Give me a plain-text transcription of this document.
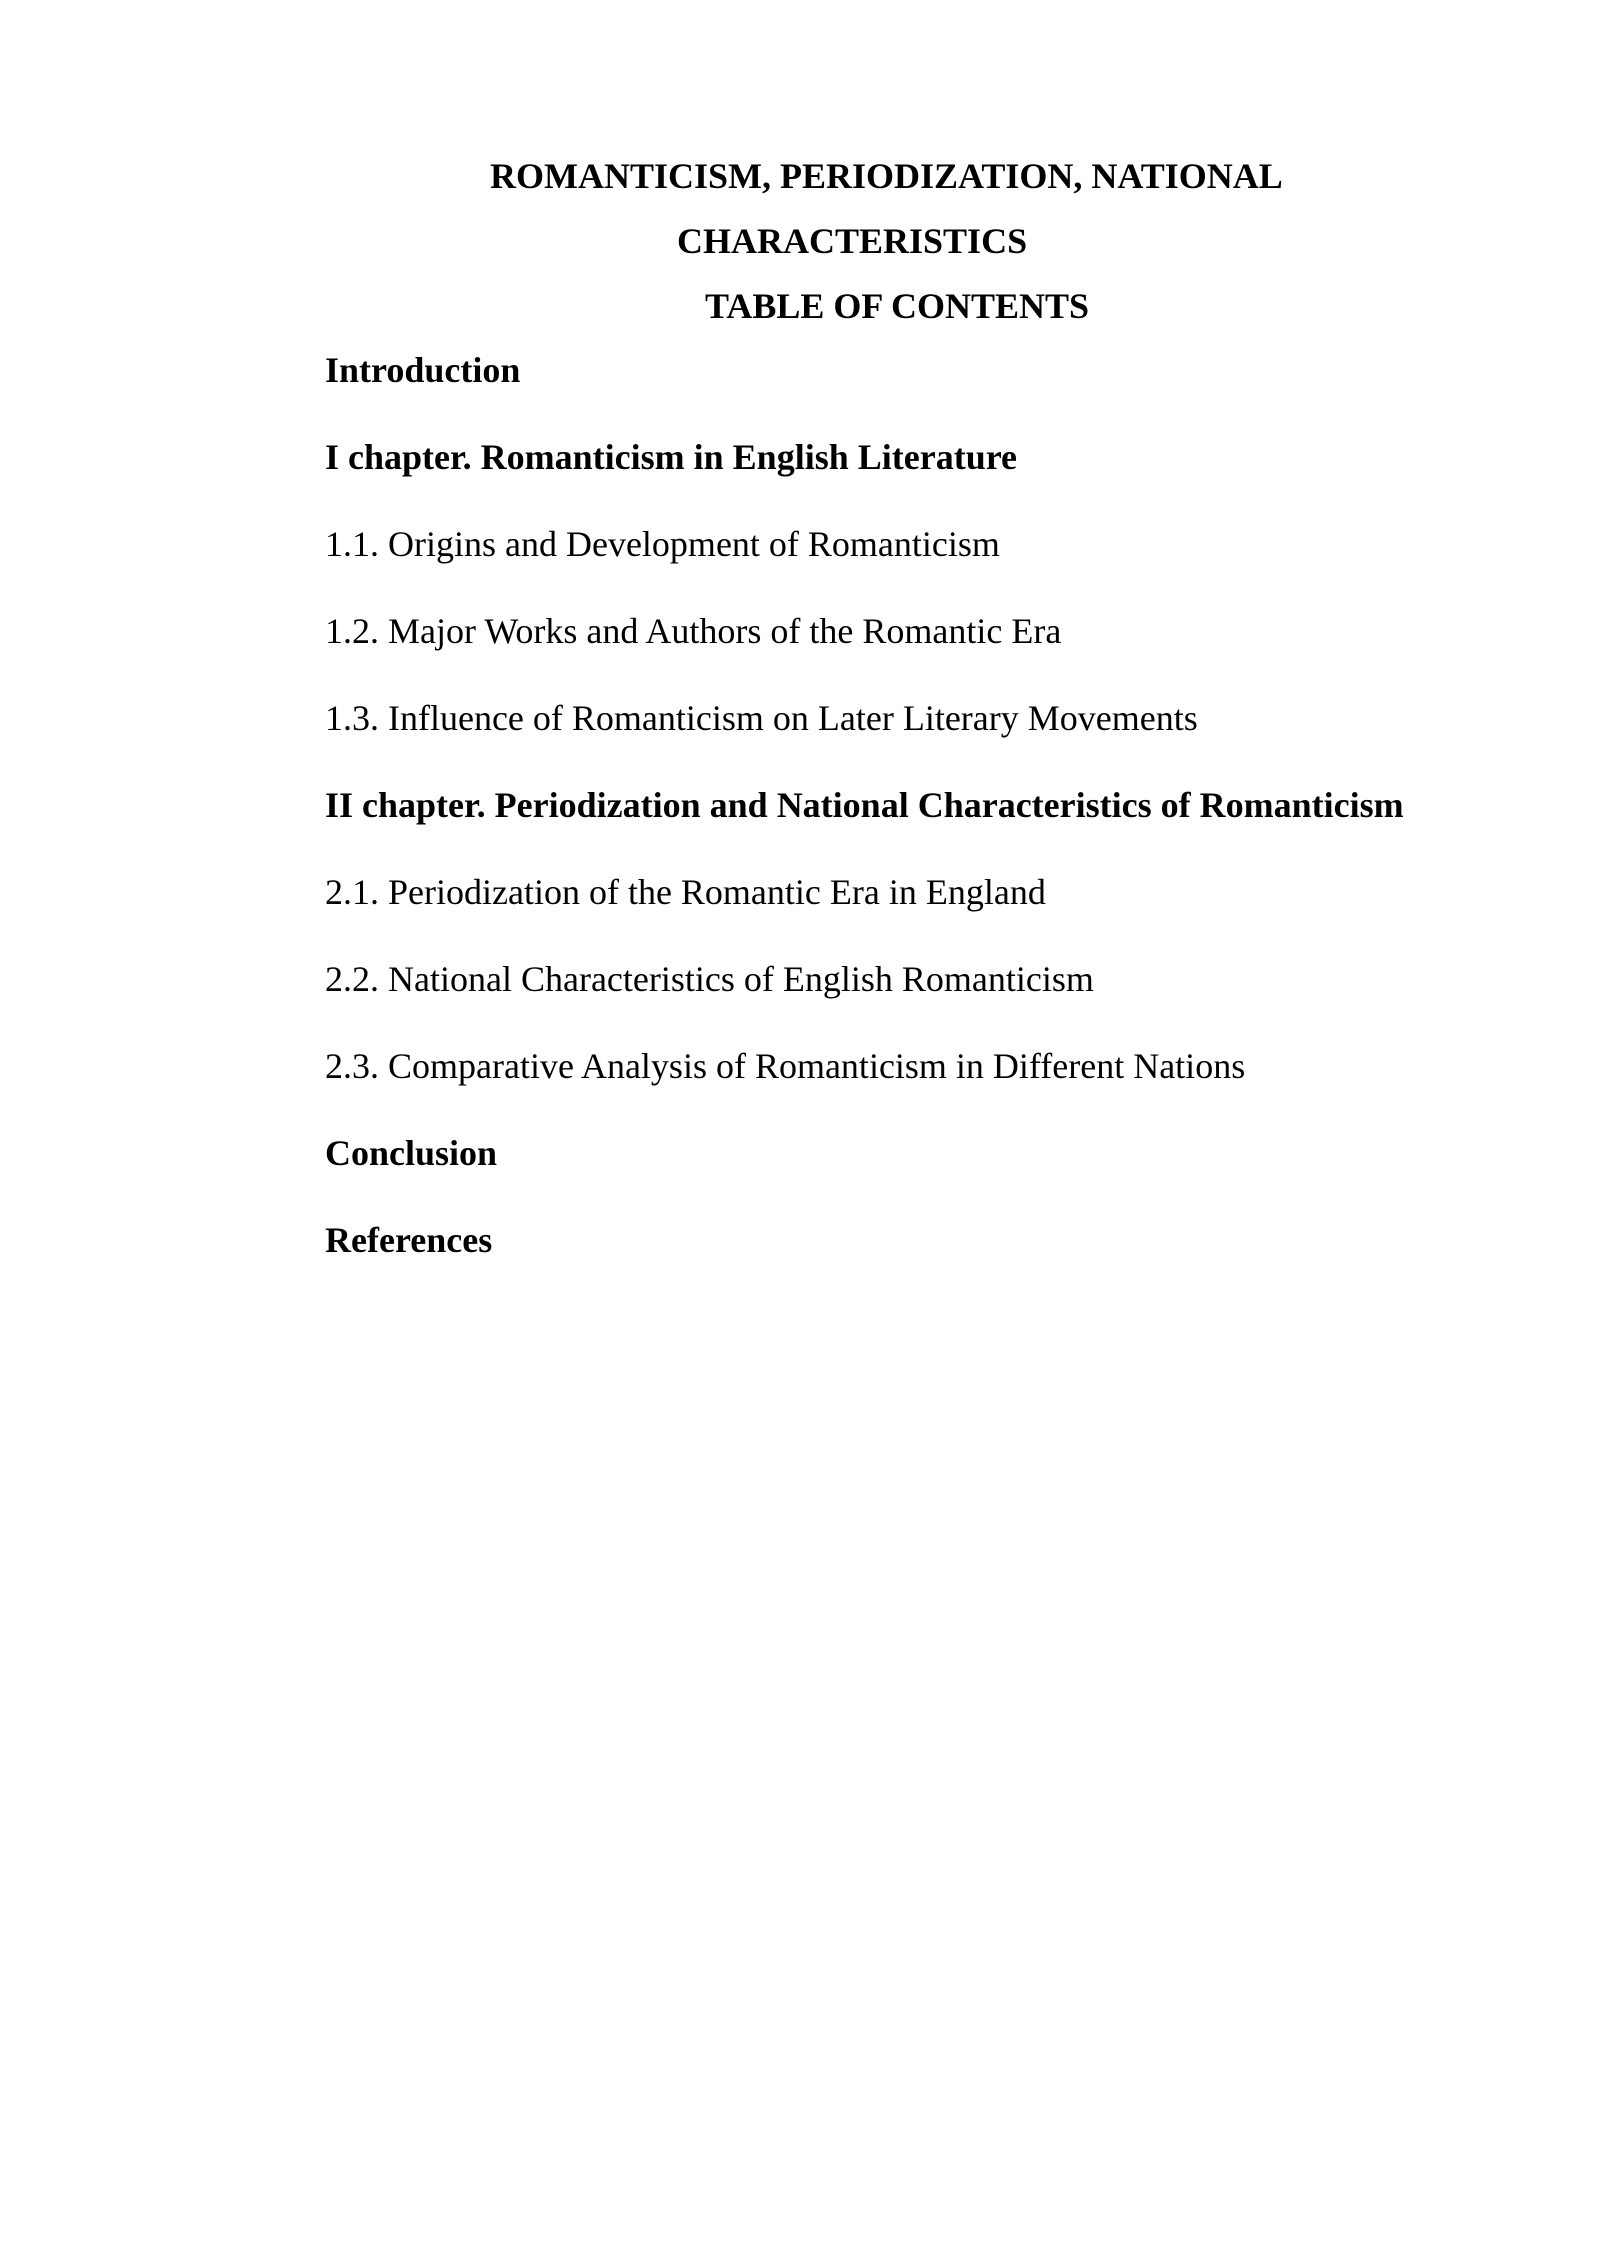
ROMANTICISM, PERIODIZATION, NATIONAL
CHARACTERISTICS
TABLE OF CONTENTS
Introduction
I chapter. Romanticism in English Literature
1.1. Origins and Development of Romanticism
1.2. Major Works and Authors of the Romantic Era
1.3. Influence of Romanticism on Later Literary Movements
II chapter. Periodization and National Characteristics of Romanticism
2.1. Periodization of the Romantic Era in England
2.2. National Characteristics of English Romanticism
2.3. Comparative Analysis of Romanticism in Different Nations
Conclusion
References
